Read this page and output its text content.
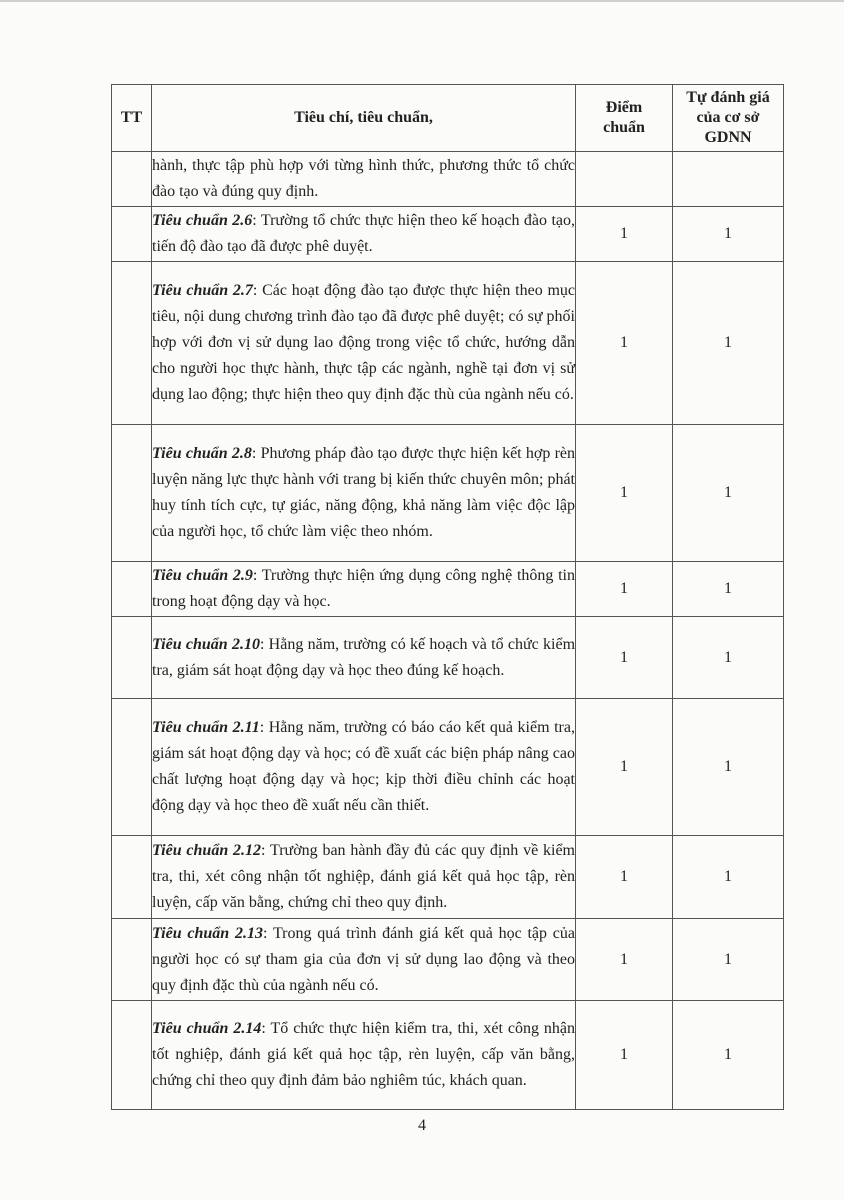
TT	Tiêu chí, tiêu chuẩn,	Điểm chuẩn	Tự đánh giá của cơ sở GDNN
	hành, thực tập phù hợp với từng hình thức, phương thức tổ chức đào tạo và đúng quy định.		
	Tiêu chuẩn 2.6: Trường tổ chức thực hiện theo kế hoạch đào tạo, tiến độ đào tạo đã được phê duyệt.	1	1
	Tiêu chuẩn 2.7: Các hoạt động đào tạo được thực hiện theo mục tiêu, nội dung chương trình đào tạo đã được phê duyệt; có sự phối hợp với đơn vị sử dụng lao động trong việc tổ chức, hướng dẫn cho người học thực hành, thực tập các ngành, nghề tại đơn vị sử dụng lao động; thực hiện theo quy định đặc thù của ngành nếu có.	1	1
	Tiêu chuẩn 2.8: Phương pháp đào tạo được thực hiện kết hợp rèn luyện năng lực thực hành với trang bị kiến thức chuyên môn; phát huy tính tích cực, tự giác, năng động, khả năng làm việc độc lập của người học, tổ chức làm việc theo nhóm.	1	1
	Tiêu chuẩn 2.9: Trường thực hiện ứng dụng công nghệ thông tin trong hoạt động dạy và học.	1	1
	Tiêu chuẩn 2.10: Hằng năm, trường có kế hoạch và tổ chức kiểm tra, giám sát hoạt động dạy và học theo đúng kế hoạch.	1	1
	Tiêu chuẩn 2.11: Hằng năm, trường có báo cáo kết quả kiểm tra, giám sát hoạt động dạy và học; có đề xuất các biện pháp nâng cao chất lượng hoạt động dạy và học; kịp thời điều chỉnh các hoạt động dạy và học theo đề xuất nếu cần thiết.	1	1
	Tiêu chuẩn 2.12: Trường ban hành đầy đủ các quy định về kiểm tra, thi, xét công nhận tốt nghiệp, đánh giá kết quả học tập, rèn luyện, cấp văn bằng, chứng chỉ theo quy định.	1	1
	Tiêu chuẩn 2.13: Trong quá trình đánh giá kết quả học tập của người học có sự tham gia của đơn vị sử dụng lao động và theo quy định đặc thù của ngành nếu có.	1	1
	Tiêu chuẩn 2.14: Tổ chức thực hiện kiểm tra, thi, xét công nhận tốt nghiệp, đánh giá kết quả học tập, rèn luyện, cấp văn bằng, chứng chỉ theo quy định đảm bảo nghiêm túc, khách quan.	1	1
4
